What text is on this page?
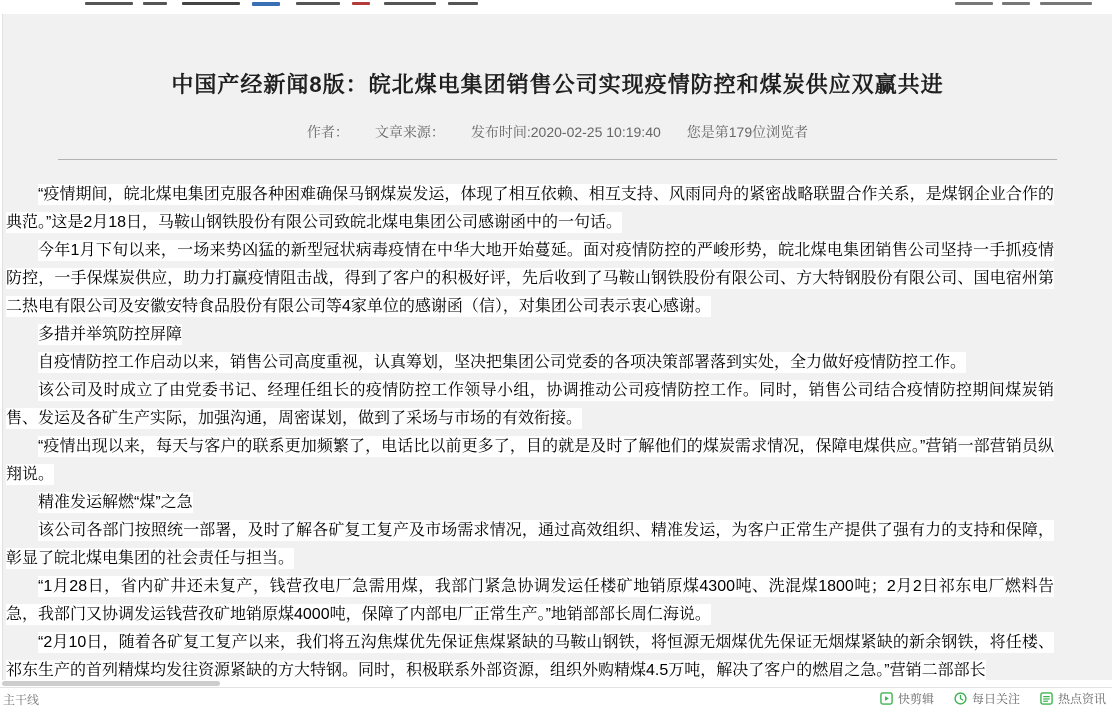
中国产经新闻8版：皖北煤电集团销售公司实现疫情防控和煤炭供应双赢共进
作者： 文章来源： 发布时间:2020-02-25 10:19:40 您是第179位浏览者

“疫情期间，皖北煤电集团克服各种困难确保马钢煤炭发运，体现了相互依赖、相互支持、风雨同舟的紧密战略联盟合作关系，是煤钢企业合作的典范。”这是2月18日，马鞍山钢铁股份有限公司致皖北煤电集团公司感谢函中的一句话。

今年1月下旬以来，一场来势凶猛的新型冠状病毒疫情在中华大地开始蔓延。面对疫情防控的严峻形势，皖北煤电集团销售公司坚持一手抓疫情防控，一手保煤炭供应，助力打赢疫情阻击战，得到了客户的积极好评，先后收到了马鞍山钢铁股份有限公司、方大特钢股份有限公司、国电宿州第二热电有限公司及安徽安特食品股份有限公司等4家单位的感谢函（信），对集团公司表示衷心感谢。

多措并举筑防控屏障

自疫情防控工作启动以来，销售公司高度重视，认真筹划，坚决把集团公司党委的各项决策部署落到实处，全力做好疫情防控工作。

该公司及时成立了由党委书记、经理任组长的疫情防控工作领导小组，协调推动公司疫情防控工作。同时，销售公司结合疫情防控期间煤炭销售、发运及各矿生产实际，加强沟通，周密谋划，做到了采场与市场的有效衔接。

“疫情出现以来，每天与客户的联系更加频繁了，电话比以前更多了，目的就是及时了解他们的煤炭需求情况，保障电煤供应。”营销一部营销员纵翔说。

精准发运解燃“煤”之急

该公司各部门按照统一部署，及时了解各矿复工复产及市场需求情况，通过高效组织、精准发运，为客户正常生产提供了强有力的支持和保障，彰显了皖北煤电集团的社会责任与担当。

“1月28日，省内矿井还未复产，钱营孜电厂急需用煤，我部门紧急协调发运任楼矿地销原煤4300吨、洗混煤1800吨；2月2日祁东电厂燃料告急，我部门又协调发运钱营孜矿地销原煤4000吨，保障了内部电厂正常生产。”地销部部长周仁海说。

“2月10日，随着各矿复工复产以来，我们将五沟焦煤优先保证焦煤紧缺的马鞍山钢铁，将恒源无烟煤优先保证无烟煤紧缺的新余钢铁，将任楼、祁东生产的首列精煤均发往资源紧缺的方大特钢。同时，积极联系外部资源，组织外购精煤4.5万吨，解决了客户的燃眉之急。”营销二部部长

主干线	快剪辑	每日关注	热点资讯
